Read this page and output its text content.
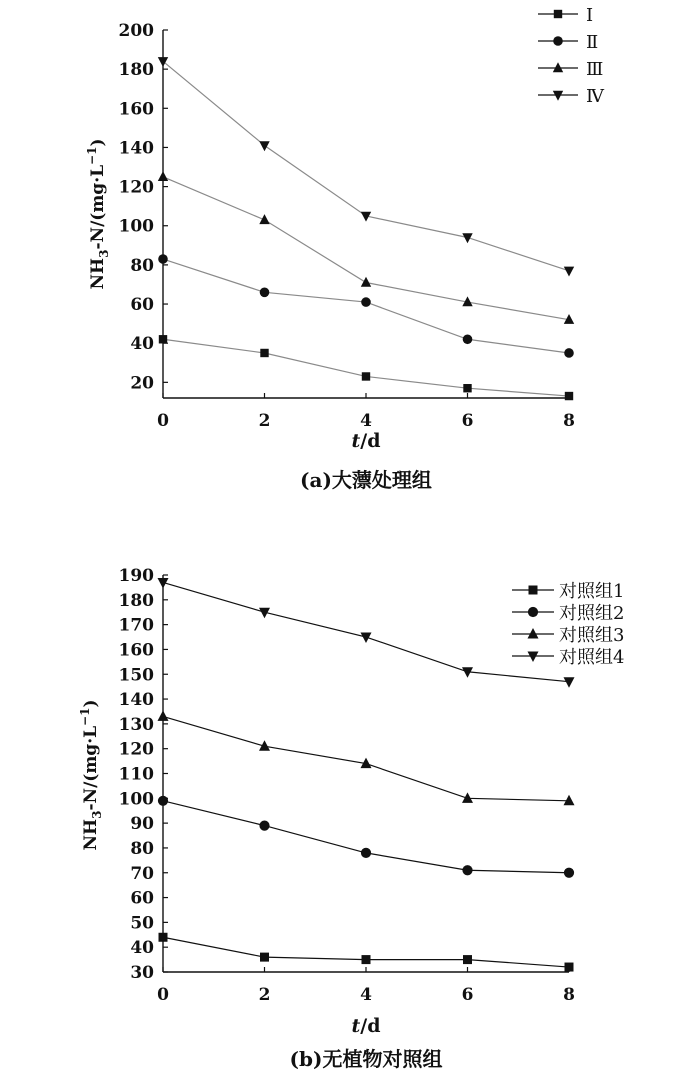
20
40
60
80
100
120
140
160
180
200
0	2	4	6	8
Ⅰ
Ⅱ
Ⅲ
Ⅳ
$NH_3-N/(mg\cdot L^{-1})$
t/d
(a)大薸处理组
30
40
50
60
70
80
90
100
110
120
130
140
150
160
170
180
190
0	2	4	6	8
对照组1
对照组2
对照组3
对照组4
$NH_3-N/(mg\cdot L^{-1})$
t/d
(b)无植物对照组
